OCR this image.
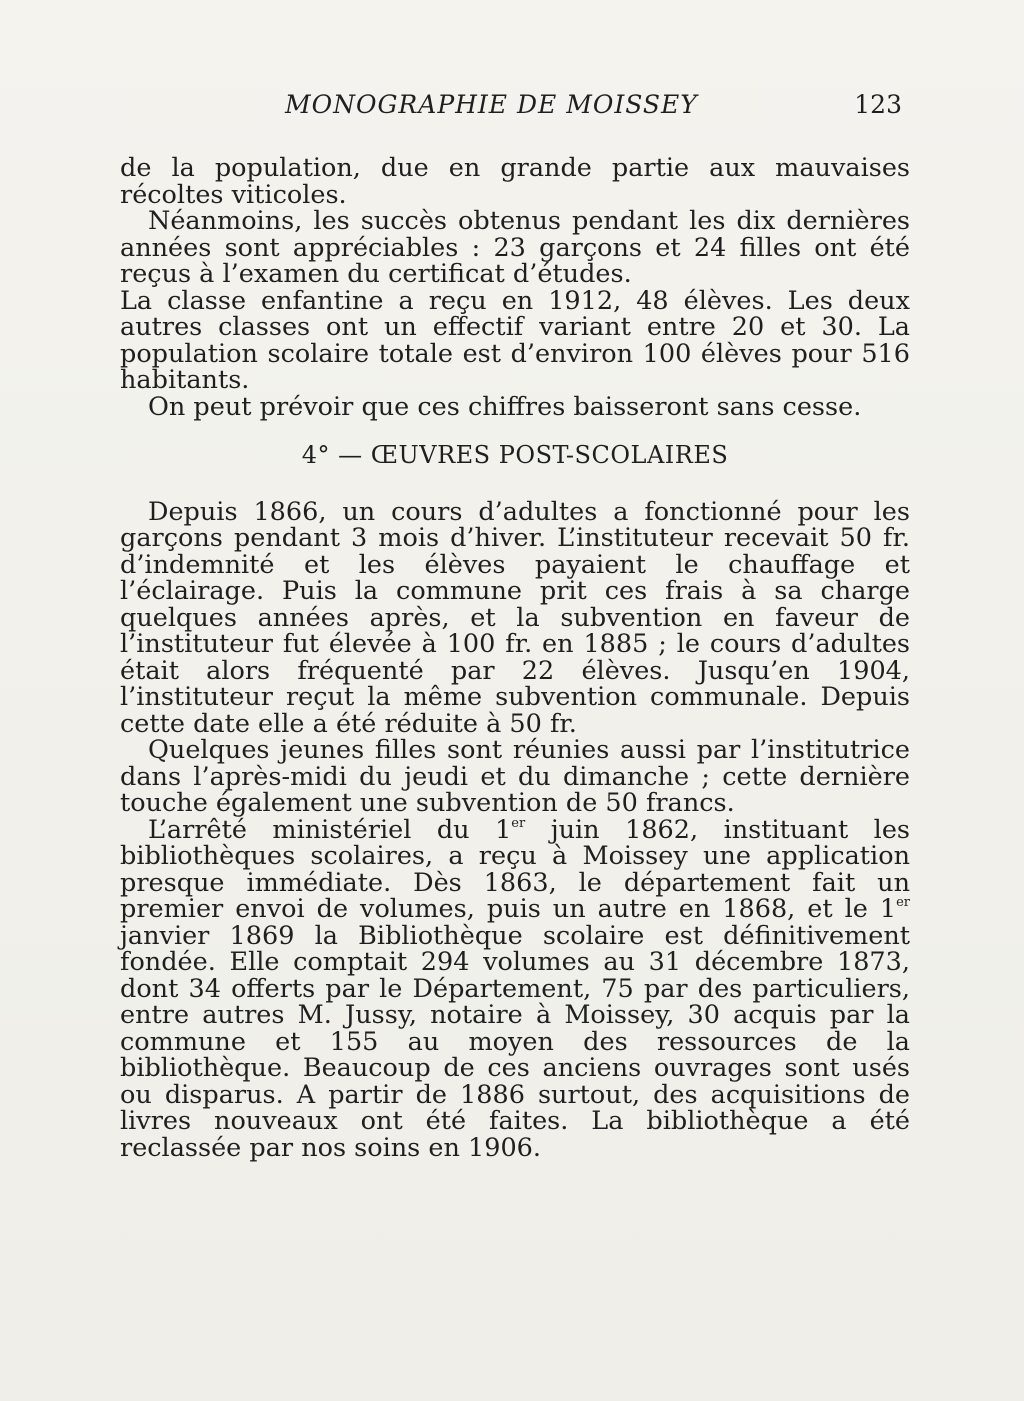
MONOGRAPHIE DE MOISSEY	123

de la population, due en grande partie aux mauvaises récoltes viticoles.

Néanmoins, les succès obtenus pendant les dix dernières années sont appréciables : 23 garçons et 24 filles ont été reçus à l’examen du certificat d’études.

La classe enfantine a reçu en 1912, 48 élèves. Les deux autres classes ont un effectif variant entre 20 et 30. La population scolaire totale est d’environ 100 élèves pour 516 habitants.

On peut prévoir que ces chiffres baisseront sans cesse.

4° — ŒUVRES POST-SCOLAIRES

Depuis 1866, un cours d’adultes a fonctionné pour les garçons pendant 3 mois d’hiver. L’instituteur recevait 50 fr. d’indemnité et les élèves payaient le chauffage et l’éclairage. Puis la commune prit ces frais à sa charge quelques années après, et la subvention en faveur de l’instituteur fut élevée à 100 fr. en 1885 ; le cours d’adultes était alors fréquenté par 22 élèves. Jusqu’en 1904, l’instituteur reçut la même subvention communale. Depuis cette date elle a été réduite à 50 fr.

Quelques jeunes filles sont réunies aussi par l’institutrice dans l’après-midi du jeudi et du dimanche ; cette dernière touche également une subvention de 50 francs.

L’arrêté ministériel du 1er juin 1862, instituant les bibliothèques scolaires, a reçu à Moissey une application presque immédiate. Dès 1863, le département fait un premier envoi de volumes, puis un autre en 1868, et le 1er janvier 1869 la Bibliothèque scolaire est définitivement fondée. Elle comptait 294 volumes au 31 décembre 1873, dont 34 offerts par le Département, 75 par des particuliers, entre autres M. Jussy, notaire à Moissey, 30 acquis par la commune et 155 au moyen des ressources de la bibliothèque. Beaucoup de ces anciens ouvrages sont usés ou disparus. A partir de 1886 surtout, des acquisitions de livres nouveaux ont été faites. La bibliothèque a été reclassée par nos soins en 1906.
